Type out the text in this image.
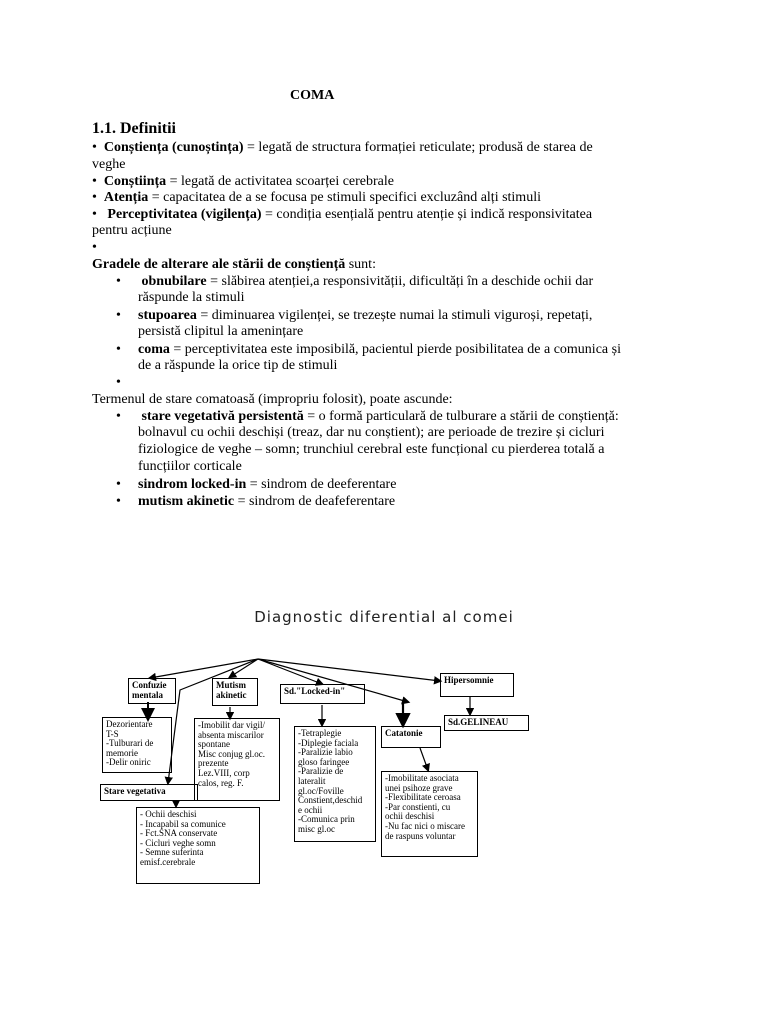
COMA
1.1. Definitii
•  Conștiența (cunoștința) = legată de structura formației reticulate; produsă de starea de
veghe
•  Conștiința = legată de activitatea scoarței cerebrale
•  Atenția = capacitatea de a se focusa pe stimuli specifici excluzând alți stimuli
•   Perceptivitatea (vigilența) = condiția esențială pentru atenție și indică responsivitatea
pentru acțiune
•
Gradele de alterare ale stării de conștiență sunt:
• obnubilare = slăbirea atenției,a responsivității, dificultăți în a deschide ochii dar
răspunde la stimuli
• stupoarea = diminuarea vigilenței, se trezește numai la stimuli viguroși, repetați,
persistă clipitul la amenințare
• coma = perceptivitatea este imposibilă, pacientul pierde posibilitatea de a comunica și
de a răspunde la orice tip de stimuli
•
Termenul de stare comatoasă (impropriu folosit), poate ascunde:
• stare vegetativă persistentă = o formă particulară de tulburare a stării de conștiență:
bolnavul cu ochii deschiși (treaz, dar nu conștient); are perioade de trezire și cicluri
fiziologice de veghe – somn; trunchiul cerebral este funcțional cu pierderea totală a
funcțiilor corticale
• sindrom locked-in = sindrom de deeferentare
• mutism akinetic = sindrom de deafeferentare
Diagnostic diferential al comei
Confuzie
mentala
Dezorientare
T-S
-Tulburari de
memorie
-Delir oniric
Mutism
akinetic
-Imobilit dar vigil/
absenta miscarilor
spontane
Misc conjug gl.oc.
prezente
Lez.VIII, corp
calos, reg. F.
Sd."Locked-in"
-Tetraplegie
-Diplegie faciala
-Paralizie labio
gloso faringee
-Paralizie de
lateralit
gl.oc/Foville
Constient,deschid
e ochii
-Comunica prin
misc gl.oc
Catatonie
-Imobilitate asociata
unei psihoze grave
-Flexibilitate ceroasa
-Par constienti, cu
ochii deschisi
-Nu fac nici o miscare
de raspuns voluntar
Hipersomnie
Sd.GELINEAU
Stare vegetativa
- Ochii deschisi
- Incapabil sa comunice
- Fct.SNA conservate
- Cicluri veghe somn
- Semne suferinta
emisf.cerebrale
